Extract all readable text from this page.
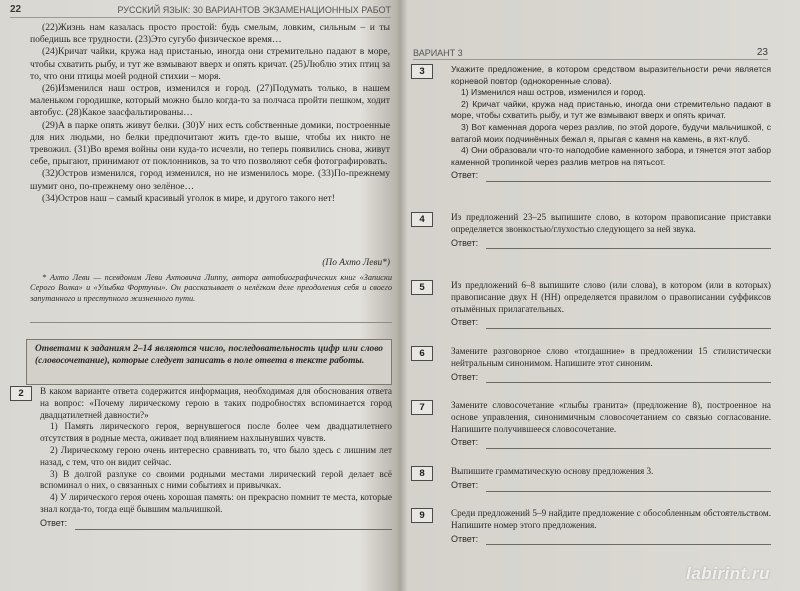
22	РУССКИЙ ЯЗЫК: 30 ВАРИАНТОВ ЭКЗАМЕНАЦИОННЫХ РАБОТ

(22)Жизнь нам казалась просто простой: будь смелым, ловким, сильным – и ты победишь все трудности. (23)Это сугубо физическое время…

(24)Кричат чайки, кружа над пристанью, иногда они стремительно падают в море, чтобы схватить рыбу, и тут же взмывают вверх и опять кричат. (25)Люблю этих птиц за то, что они птицы моей родной стихии – моря.

(26)Изменился наш остров, изменился и город. (27)Подумать только, в нашем маленьком городишке, который можно было когда-то за полчаса пройти пешком, ходит автобус. (28)Какое заасфальтированы…

(29)А в парке опять живут белки. (30)У них есть собственные домики, построенные для них людьми, но белки предпочитают жить где-то выше, чтобы их никто не тревожил. (31)Во время войны они куда-то исчезли, но теперь появились снова, живут себе, прыгают, принимают от поклонников, за то что позволяют себя фотографировать.

(32)Остров изменился, город изменился, но не изменилось море. (33)По-прежнему шумит оно, по-прежнему оно зелёное…

(34)Остров наш – самый красивый уголок в мире, и другого такого нет!

(По Ахто Леви*)
* Ахто Леви — псевдоним Леви Ахтовича Липпу, автора автобиографических книг «Записки Серого Волка» и «Улыбка Фортуны». Он рассказывает о нелёгком деле преодоления себя и своего запутанного и преступного жизненного пути.
Ответами к заданиям 2–14 являются число, последовательность цифр или слово (словосочетание), которые следует записать в поле ответа в тексте работы.
2	В каком варианте ответа содержится информация, необходимая для обоснования ответа на вопрос: «Почему лирическому герою в таких подробностях вспоминается город двадцатилетней давности?»

1) Память лирического героя, вернувшегося после более чем двадцатилетнего отсутствия в родные места, оживает под влиянием нахлынувших чувств.

2) Лирическому герою очень интересно сравнивать то, что было здесь с лишним лет назад, с тем, что он видит сейчас.

3) В долгой разлуке со своими родными местами лирический герой делает всё вспоминал о них, о связанных с ними событиях и привычках.

4) У лирического героя очень хорошая память: он прекрасно помнит те места, которые знал когда-то, тогда ещё бывшим мальчишкой.

Ответ:
ВАРИАНТ 3	23
3	Укажите предложение, в котором средством выразительности речи является корневой повтор (однокоренные слова).

1) Изменился наш остров, изменился и город.

2) Кричат чайки, кружа над пристанью, иногда они стремительно падают в море, чтобы схватить рыбу, и тут же взмывают вверх и опять кричат.

3) Вот каменная дорога через разлив, по этой дороге, будучи мальчишкой, с ватагой моих подчинённых бежал я, прыгая с камня на камень, в яхт-клуб.

4) Они образовали что-то наподобие каменного забора, и тянется этот забор каменной тропинкой через разлив метров на пятьсот.

Ответ:
4	Из предложений 23–25 выпишите слово, в котором правописание приставки определяется звонкостью/глухостью следующего за ней звука.
Ответ:
5	Из предложений 6–8 выпишите слово (или слова), в котором (или в которых) правописание двух Н (НН) определяется правилом о правописании суффиксов отымённых прилагательных.
Ответ:
6	Замените разговорное слово «тогдашние» в предложении 15 стилистически нейтральным синонимом. Напишите этот синоним.
Ответ:
7	Замените словосочетание «глыбы гранита» (предложение 8), построенное на основе управления, синонимичным словосочетанием со связью согласование. Напишите получившееся словосочетание.
Ответ:
8	Выпишите грамматическую основу предложения 3.
Ответ:
9	Среди предложений 5–9 найдите предложение с обособленным обстоятельством. Напишите номер этого предложения.
Ответ:
labirint.ru
